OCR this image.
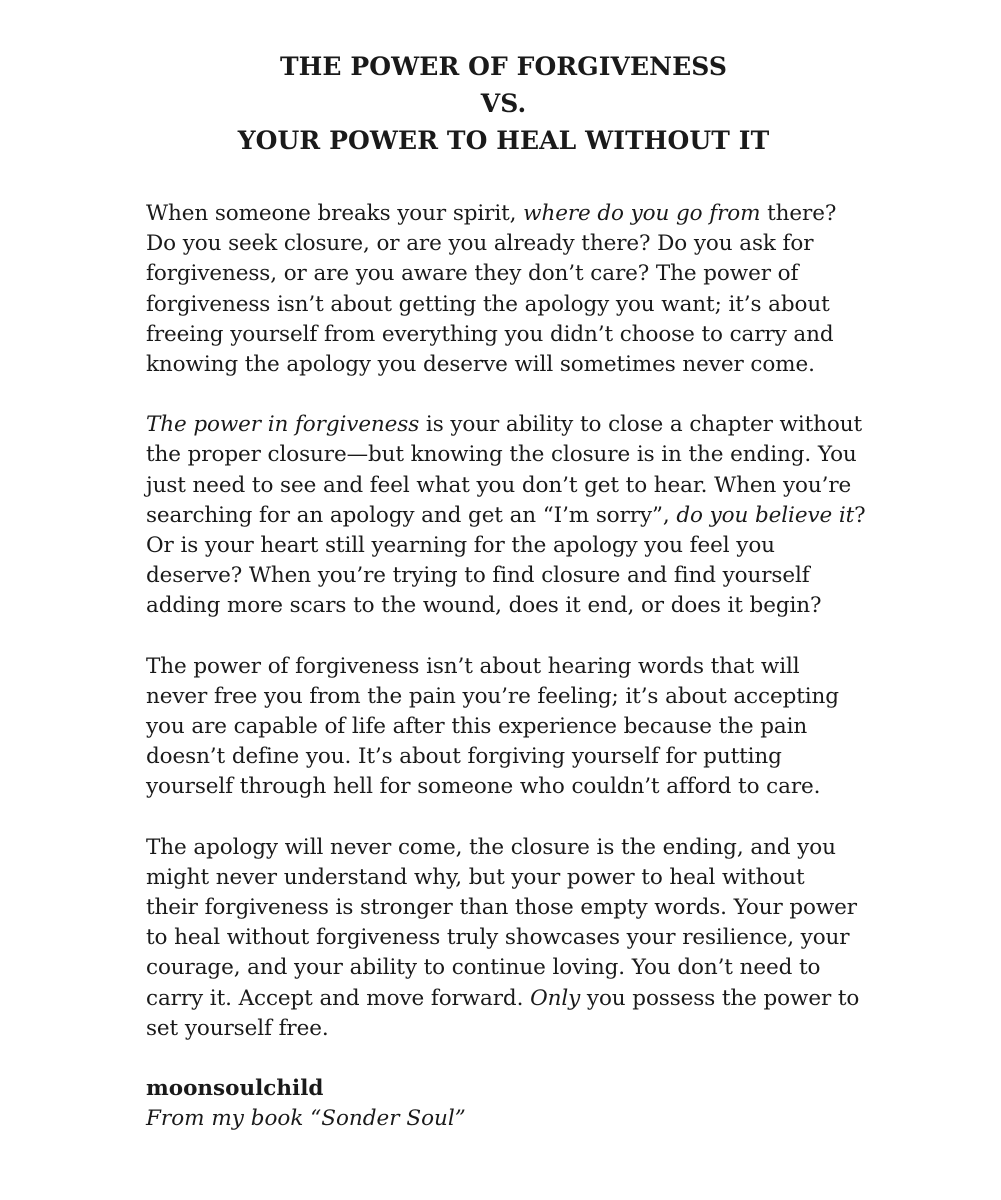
THE POWER OF FORGIVENESS
VS.
YOUR POWER TO HEAL WITHOUT IT

When someone breaks your spirit, where do you go from there?
Do you seek closure, or are you already there? Do you ask for
forgiveness, or are you aware they don’t care? The power of
forgiveness isn’t about getting the apology you want; it’s about
freeing yourself from everything you didn’t choose to carry and
knowing the apology you deserve will sometimes never come.

The power in forgiveness is your ability to close a chapter without
the proper closure—but knowing the closure is in the ending. You
just need to see and feel what you don’t get to hear. When you’re
searching for an apology and get an “I’m sorry”, do you believe it?
Or is your heart still yearning for the apology you feel you
deserve? When you’re trying to find closure and find yourself
adding more scars to the wound, does it end, or does it begin?

The power of forgiveness isn’t about hearing words that will
never free you from the pain you’re feeling; it’s about accepting
you are capable of life after this experience because the pain
doesn’t define you. It’s about forgiving yourself for putting
yourself through hell for someone who couldn’t afford to care.

The apology will never come, the closure is the ending, and you
might never understand why, but your power to heal without
their forgiveness is stronger than those empty words. Your power
to heal without forgiveness truly showcases your resilience, your
courage, and your ability to continue loving. You don’t need to
carry it. Accept and move forward. Only you possess the power to
set yourself free.

moonsoulchild
From my book “Sonder Soul”
